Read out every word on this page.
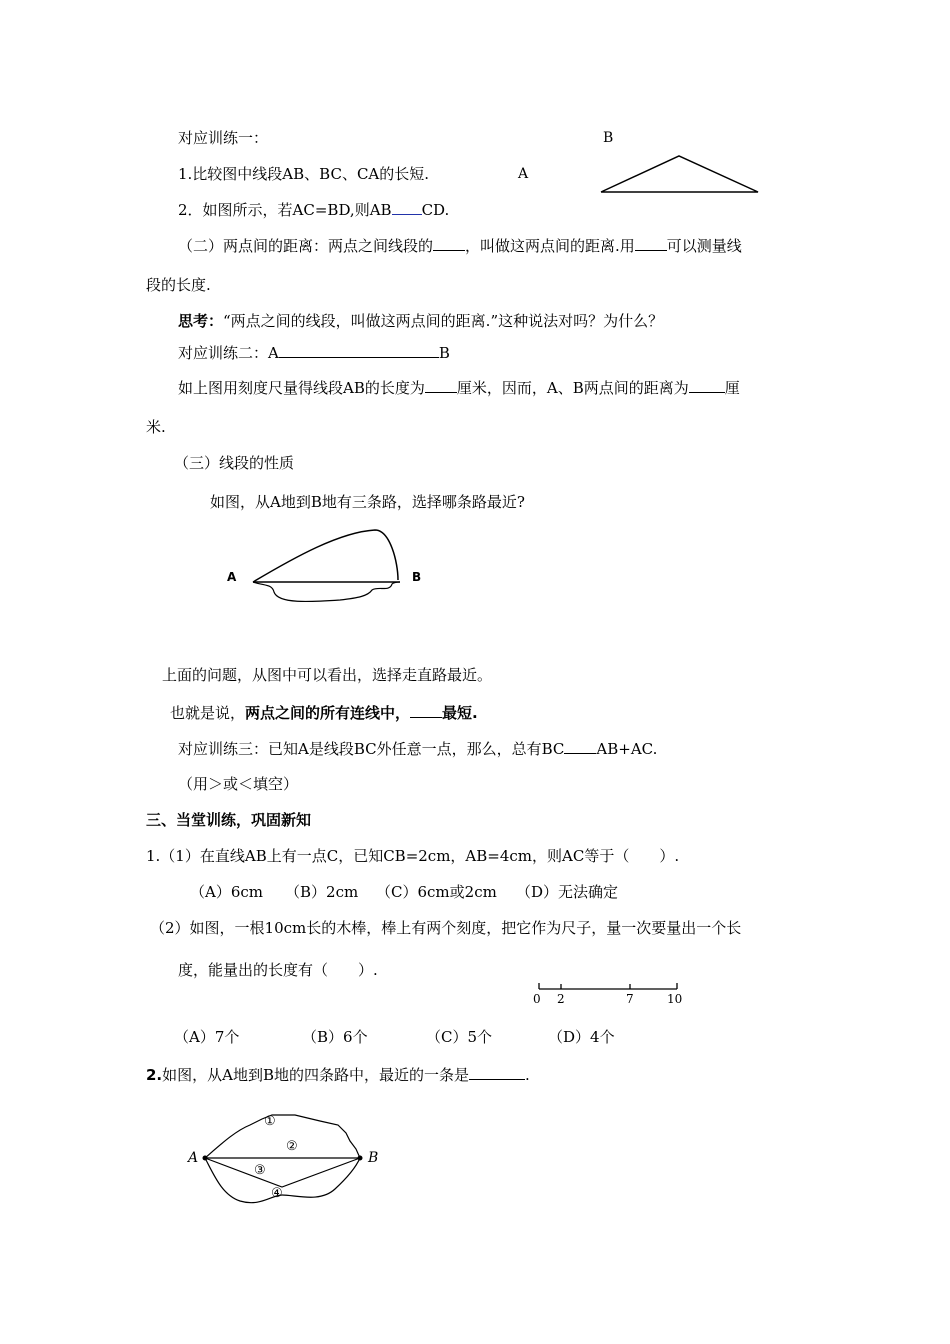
对应训练一：	B
1.比较图中线段AB、BC、CA的长短.	A
2．如图所示，若AC=BD,则AB CD.
（二）两点间的距离：两点之间线段的 ，叫做这两点间的距离.用 可以测量线
段的长度.
思考：“两点之间的线段，叫做这两点间的距离.”这种说法对吗？为什么？
对应训练二：A	B
如上图用刻度尺量得线段AB的长度为 厘米，因而，A、B两点间的距离为 厘
米.
（三）线段的性质
如图，从A地到B地有三条路，选择哪条路最近?
A	B
上面的问题，从图中可以看出，选择走直路最近。
也就是说，两点之间的所有连线中， 最短.
对应训练三：已知A是线段BC外任意一点，那么，总有BC AB+AC.
（用＞或＜填空）
三、当堂训练，巩固新知
1.（1）在直线AB上有一点C，已知CB=2cm，AB=4cm，则AC等于（　　）.
（A）6cm （B）2cm （C）6cm或2cm （D）无法确定
（2）如图，一根10cm长的木棒，棒上有两个刻度，把它作为尺子，量一次要量出一个长
度，能量出的长度有（　　）.
0 2	7	10
（A）7个	（B）6个	（C）5个	（D）4个
2.如图，从A地到B地的四条路中，最近的一条是	.
A	B
①
②
③
④
